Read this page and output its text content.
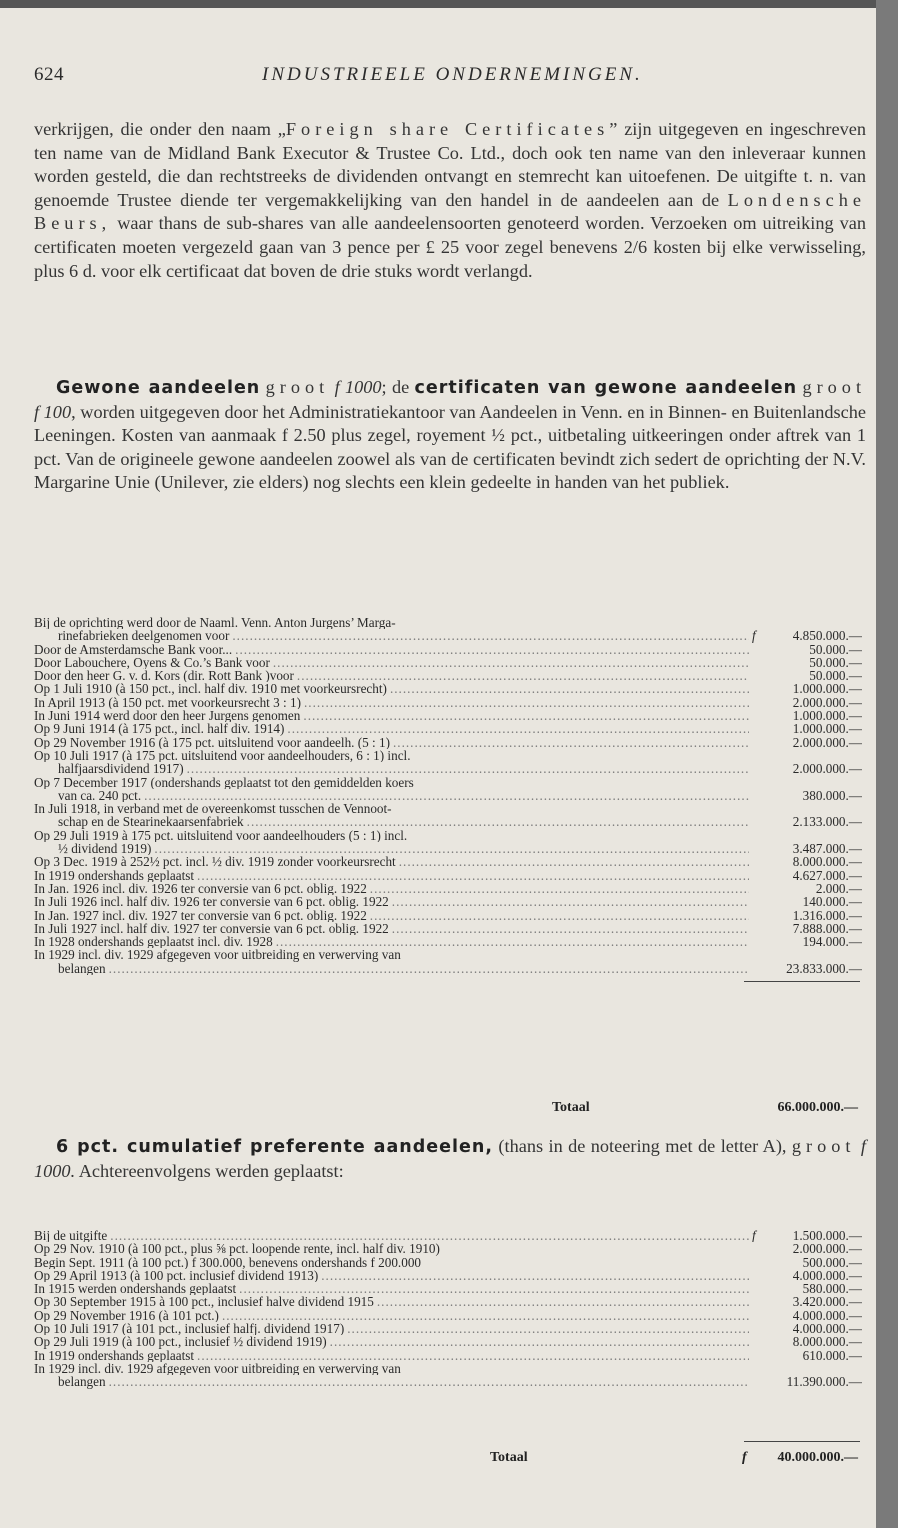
624	INDUSTRIEELE ONDERNEMINGEN.

verkrijgen, die onder den naam „Foreign share Certificates” zijn uitgegeven en ingeschreven ten name van de Midland Bank Executor & Trustee Co. Ltd., doch ook ten name van den inleveraar kunnen worden gesteld, die dan rechtstreeks de dividenden ontvangt en stemrecht kan uitoefenen. De uitgifte t. n. van genoemde Trustee diende ter vergemakkelijking van den handel in de aandeelen aan de Londensche Beurs, waar thans de sub-shares van alle aandeelensoorten genoteerd worden. Verzoeken om uitreiking van certificaten moeten vergezeld gaan van 3 pence per £ 25 voor zegel benevens 2/6 kosten bij elke verwisseling, plus 6 d. voor elk certificaat dat boven de drie stuks wordt verlangd.

Gewone aandeelen groot f 1000; de certificaten van gewone aandeelen groot f 100, worden uitgegeven door het Administratiekantoor van Aandeelen in Venn. en in Binnen- en Buitenlandsche Leeningen. Kosten van aanmaak f 2.50 plus zegel, royement ½ pct., uitbetaling uitkeeringen onder aftrek van 1 pct. Van de origineele gewone aandeelen zoowel als van de certificaten bevindt zich sedert de oprichting der N.V. Margarine Unie (Unilever, zie elders) nog slechts een klein gedeelte in handen van het publiek.

Bij de oprichting werd door de Naaml. Venn. Anton Jurgens’ Marga-
rinefabrieken deelgenomen voor .....	f	4.850.000.—
Door de Amsterdamsche Bank voor... .....	50.000.—
Door Labouchere, Oyens & Co.’s Bank voor .....	50.000.—
Door den heer G. v. d. Kors (dir. Rott Bank )voor .....	50.000.—
Op 1 Juli 1910 (à 150 pct., incl. half div. 1910 met voorkeursrecht) .....	1.000.000.—
In April 1913 (à 150 pct. met voorkeursrecht 3 : 1) .....	2.000.000.—
In Juni 1914 werd door den heer Jurgens genomen .....	1.000.000.—
Op 9 Juni 1914 (à 175 pct., incl. half div. 1914) .....	1.000.000.—
Op 29 November 1916 (à 175 pct. uitsluitend voor aandeelh. (5 : 1) .....	2.000.000.—
Op 10 Juli 1917 (à 175 pct. uitsluitend voor aandeelhouders, 6 : 1) incl.
halfjaarsdividend 1917) .....	2.000.000.—
Op 7 December 1917 (ondershands geplaatst tot den gemiddelden koers
van ca. 240 pct. .....	380.000.—
In Juli 1918, in verband met de overeenkomst tusschen de Vennoot-
schap en de Stearinekaarsenfabriek .....	2.133.000.—
Op 29 Juli 1919 à 175 pct. uitsluitend voor aandeelhouders (5 : 1) incl.
½ dividend 1919) .....	3.487.000.—
Op 3 Dec. 1919 à 252½ pct. incl. ½ div. 1919 zonder voorkeursrecht .....	8.000.000.—
In 1919 ondershands geplaatst .....	4.627.000.—
In Jan. 1926 incl. div. 1926 ter conversie van 6 pct. oblig. 1922 .....	2.000.—
In Juli 1926 incl. half div. 1926 ter conversie van 6 pct. oblig. 1922 .....	140.000.—
In Jan. 1927 incl. div. 1927 ter conversie van 6 pct. oblig. 1922 .....	1.316.000.—
In Juli 1927 incl. half div. 1927 ter conversie van 6 pct. oblig. 1922 .....	7.888.000.—
In 1928 ondershands geplaatst incl. div. 1928 .....	194.000.—
In 1929 incl. div. 1929 afgegeven voor uitbreiding en verwerving van
belangen .....	23.833.000.—
Totaal	66.000.000.—

6 pct. cumulatief preferente aandeelen, (thans in de noteering met de letter A), groot f 1000. Achtereenvolgens werden geplaatst:

Bij de uitgifte .....	f	1.500.000.—
Op 29 Nov. 1910 (à 100 pct., plus ⅝ pct. loopende rente, incl. half div. 1910)	2.000.000.—
Begin Sept. 1911 (à 100 pct.) f 300.000, benevens ondershands f 200.000	500.000.—
Op 29 April 1913 (à 100 pct. inclusief dividend 1913) .....	4.000.000.—
In 1915 werden ondershands geplaatst .....	580.000.—
Op 30 September 1915 à 100 pct., inclusief halve dividend 1915 .....	3.420.000.—
Op 29 November 1916 (à 101 pct.) .....	4.000.000.—
Op 10 Juli 1917 (à 101 pct., inclusief halfj. dividend 1917) .....	4.000.000.—
Op 29 Juli 1919 (à 100 pct., inclusief ½ dividend 1919) .....	8.000.000.—
In 1919 ondershands geplaatst .....	610.000.—
In 1929 incl. div. 1929 afgegeven voor uitbreiding en verwerving van
belangen .....	11.390.000.—
Totaal	f	40.000.000.—
